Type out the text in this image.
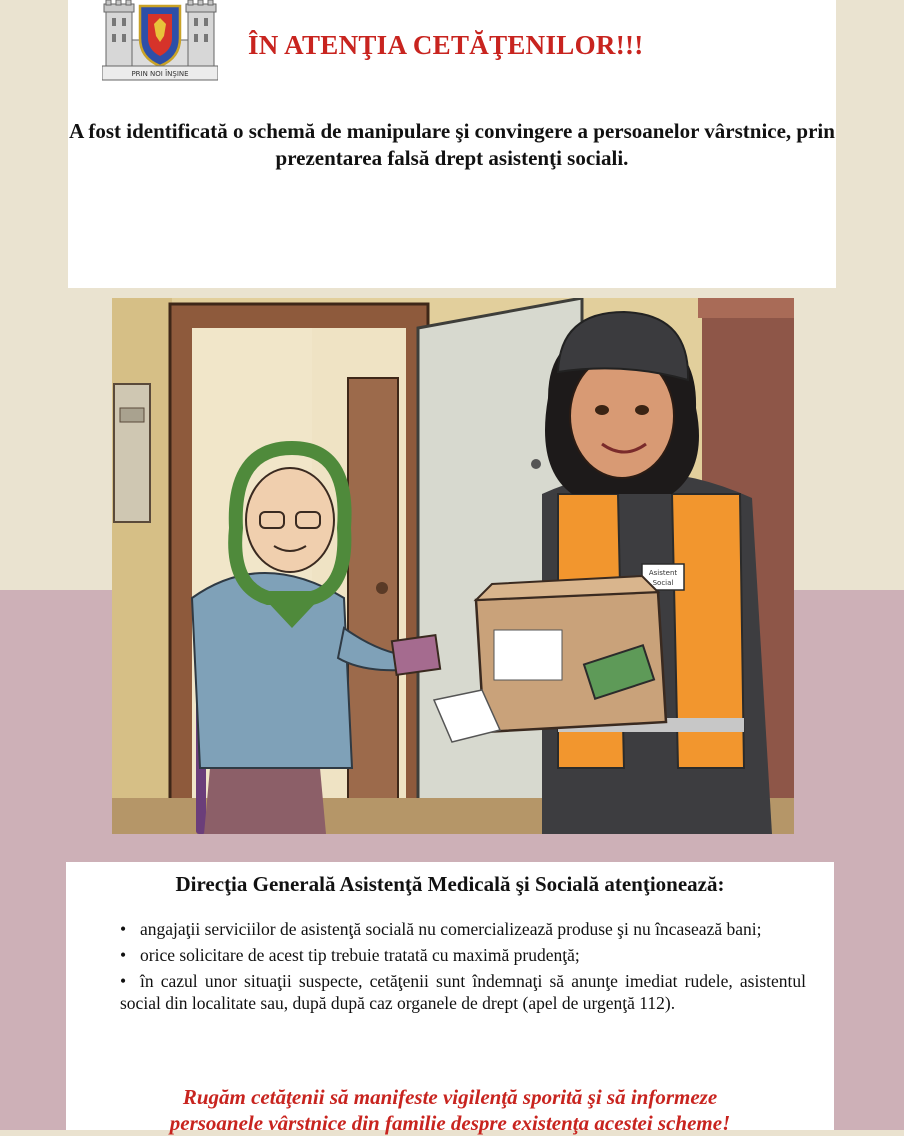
PRIN NOI ÎNŞINE
ÎN ATENŢIA CETĂŢENILOR!!!
A fost identificată o schemă de manipulare şi convingere a persoanelor vârstnice, prin prezentarea falsă drept asistenţi sociali.
Asistent
Social
Direcţia Generală Asistenţă Medicală şi Socială atenţionează:
• angajaţii serviciilor de asistenţă socială nu comercializează produse şi nu încasează bani;
• orice solicitare de acest tip trebuie tratată cu maximă prudenţă;
• în cazul unor situaţii suspecte, cetăţenii sunt îndemnaţi să anunţe imediat rudele, asistentul social din localitate sau, după după caz organele de drept (apel de urgenţă 112).
Rugăm cetăţenii să manifeste vigilenţă sporită şi să informeze
persoanele vârstnice din familie despre existenţa acestei scheme!
